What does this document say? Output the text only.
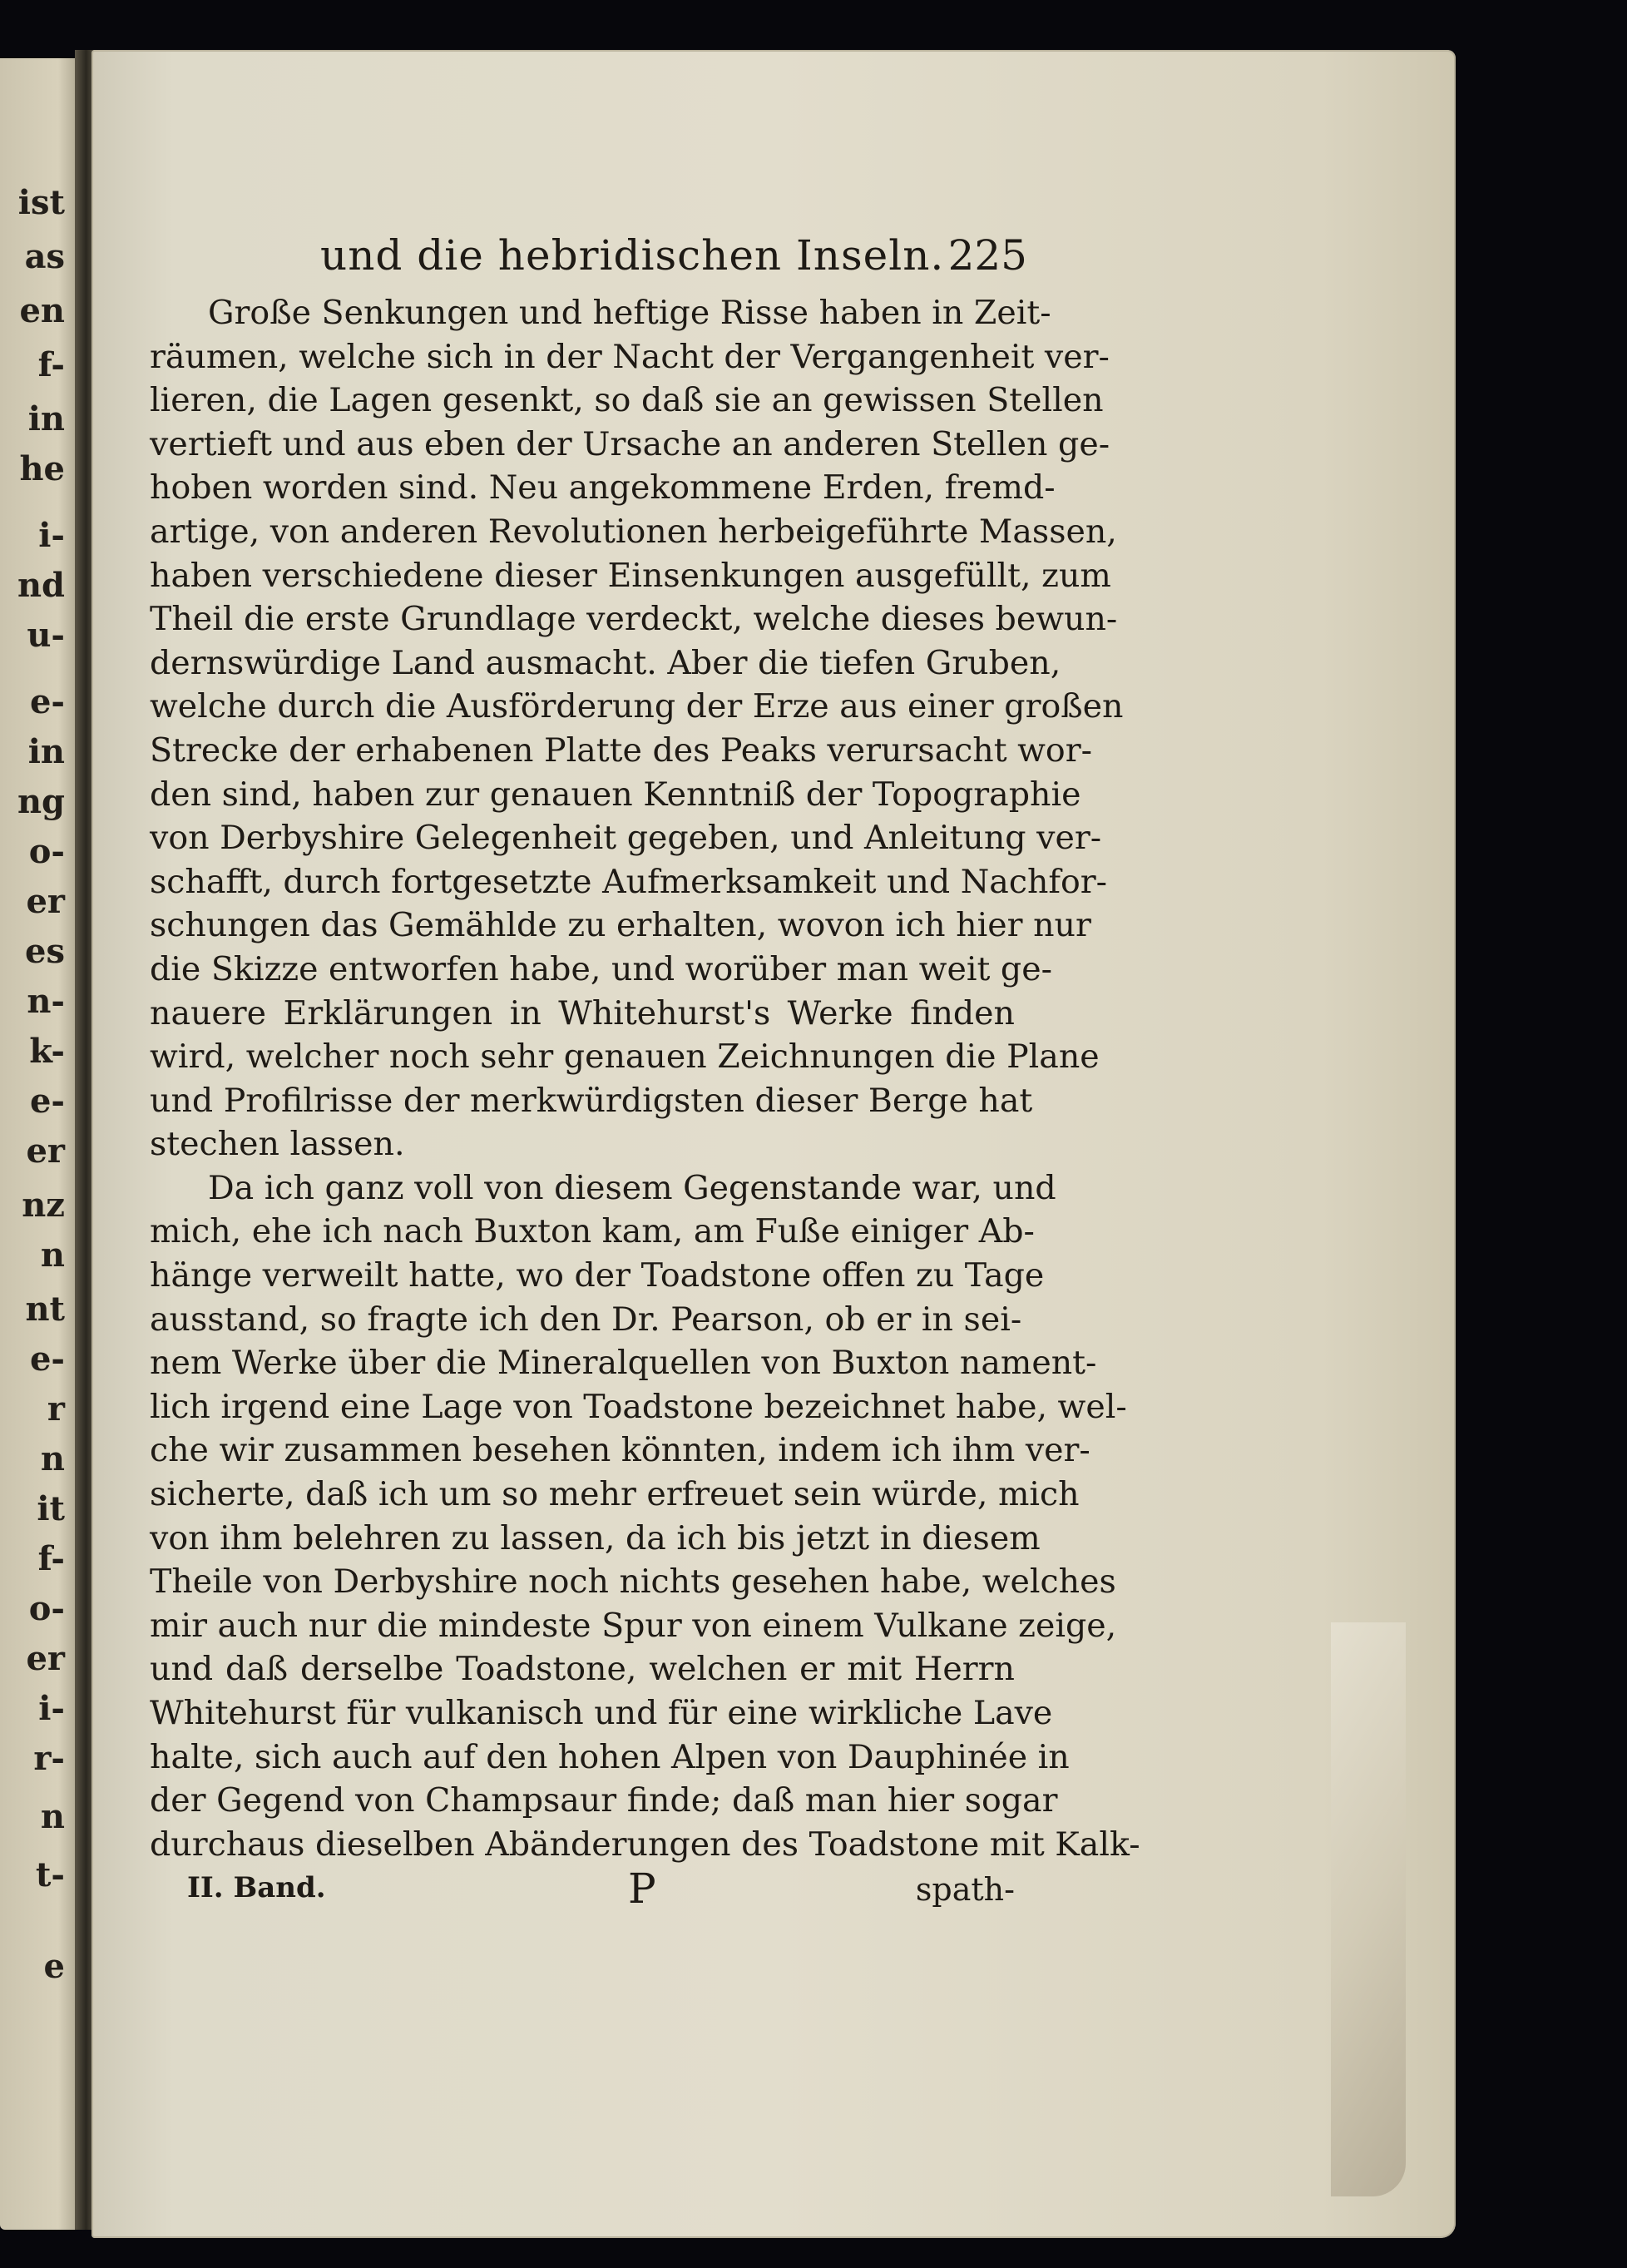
ist
as
en
f-
in
he
i-
nd
u-
e-
in
ng
o-
er
es
n-
k-
e-
er
nz
n
nt
e-
r
n
it
f-
o-
er
i-
r-
n
t-
e
und die hebridischen Inseln. 225
Große Senkungen und heftige Risse haben in Zeit-
räumen, welche sich in der Nacht der Vergangenheit ver-
lieren, die Lagen gesenkt, so daß sie an gewissen Stellen
vertieft und aus eben der Ursache an anderen Stellen ge-
hoben worden sind. Neu angekommene Erden, fremd-
artige, von anderen Revolutionen herbeigeführte Massen,
haben verschiedene dieser Einsenkungen ausgefüllt, zum
Theil die erste Grundlage verdeckt, welche dieses bewun-
dernswürdige Land ausmacht. Aber die tiefen Gruben,
welche durch die Ausförderung der Erze aus einer großen
Strecke der erhabenen Platte des Peaks verursacht wor-
den sind, haben zur genauen Kenntniß der Topographie
von Derbyshire Gelegenheit gegeben, und Anleitung ver-
schafft, durch fortgesetzte Aufmerksamkeit und Nachfor-
schungen das Gemählde zu erhalten, wovon ich hier nur
die Skizze entworfen habe, und worüber man weit ge-
nauere Erklärungen in Whitehurst's Werke finden
wird, welcher noch sehr genauen Zeichnungen die Plane
und Profilrisse der merkwürdigsten dieser Berge hat
stechen lassen.
Da ich ganz voll von diesem Gegenstande war, und
mich, ehe ich nach Buxton kam, am Fuße einiger Ab-
hänge verweilt hatte, wo der Toadstone offen zu Tage
ausstand, so fragte ich den Dr. Pearson, ob er in sei-
nem Werke über die Mineralquellen von Buxton nament-
lich irgend eine Lage von Toadstone bezeichnet habe, wel-
che wir zusammen besehen könnten, indem ich ihm ver-
sicherte, daß ich um so mehr erfreuet sein würde, mich
von ihm belehren zu lassen, da ich bis jetzt in diesem
Theile von Derbyshire noch nichts gesehen habe, welches
mir auch nur die mindeste Spur von einem Vulkane zeige,
und daß derselbe Toadstone, welchen er mit Herrn
Whitehurst für vulkanisch und für eine wirkliche Lave
halte, sich auch auf den hohen Alpen von Dauphinée in
der Gegend von Champsaur finde; daß man hier sogar
durchaus dieselben Abänderungen des Toadstone mit Kalk-
II. Band.	P	spath-
